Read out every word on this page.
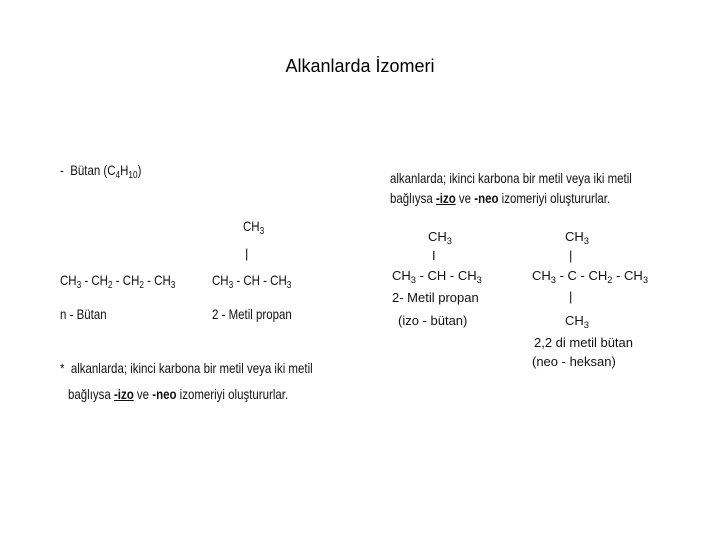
Alkanlarda İzomeri
- Bütan $(C_4H_{10})$
$CH_3 - CH_2 - CH_2 - CH_3$
n - Bütan
$CH_3$
|
$CH_3$ - CH - $CH_3$
2 - Metil propan
* alkanlarda; ikinci karbona bir metil veya iki metil
bağlıysa -izo ve -neo izomeriyi oluştururlar.
alkanlarda; ikinci karbona bir metil veya iki metil
bağlıysa -izo ve -neo izomeriyi oluştururlar.
$CH_3$
I
$CH_3$ - CH - $CH_3$
2- Metil propan
(izo - bütan)
$CH_3$
|
$CH_3$ - C - $CH_2 - CH_3$
|
$CH_3$
2,2 di metil bütan
(neo - heksan)
